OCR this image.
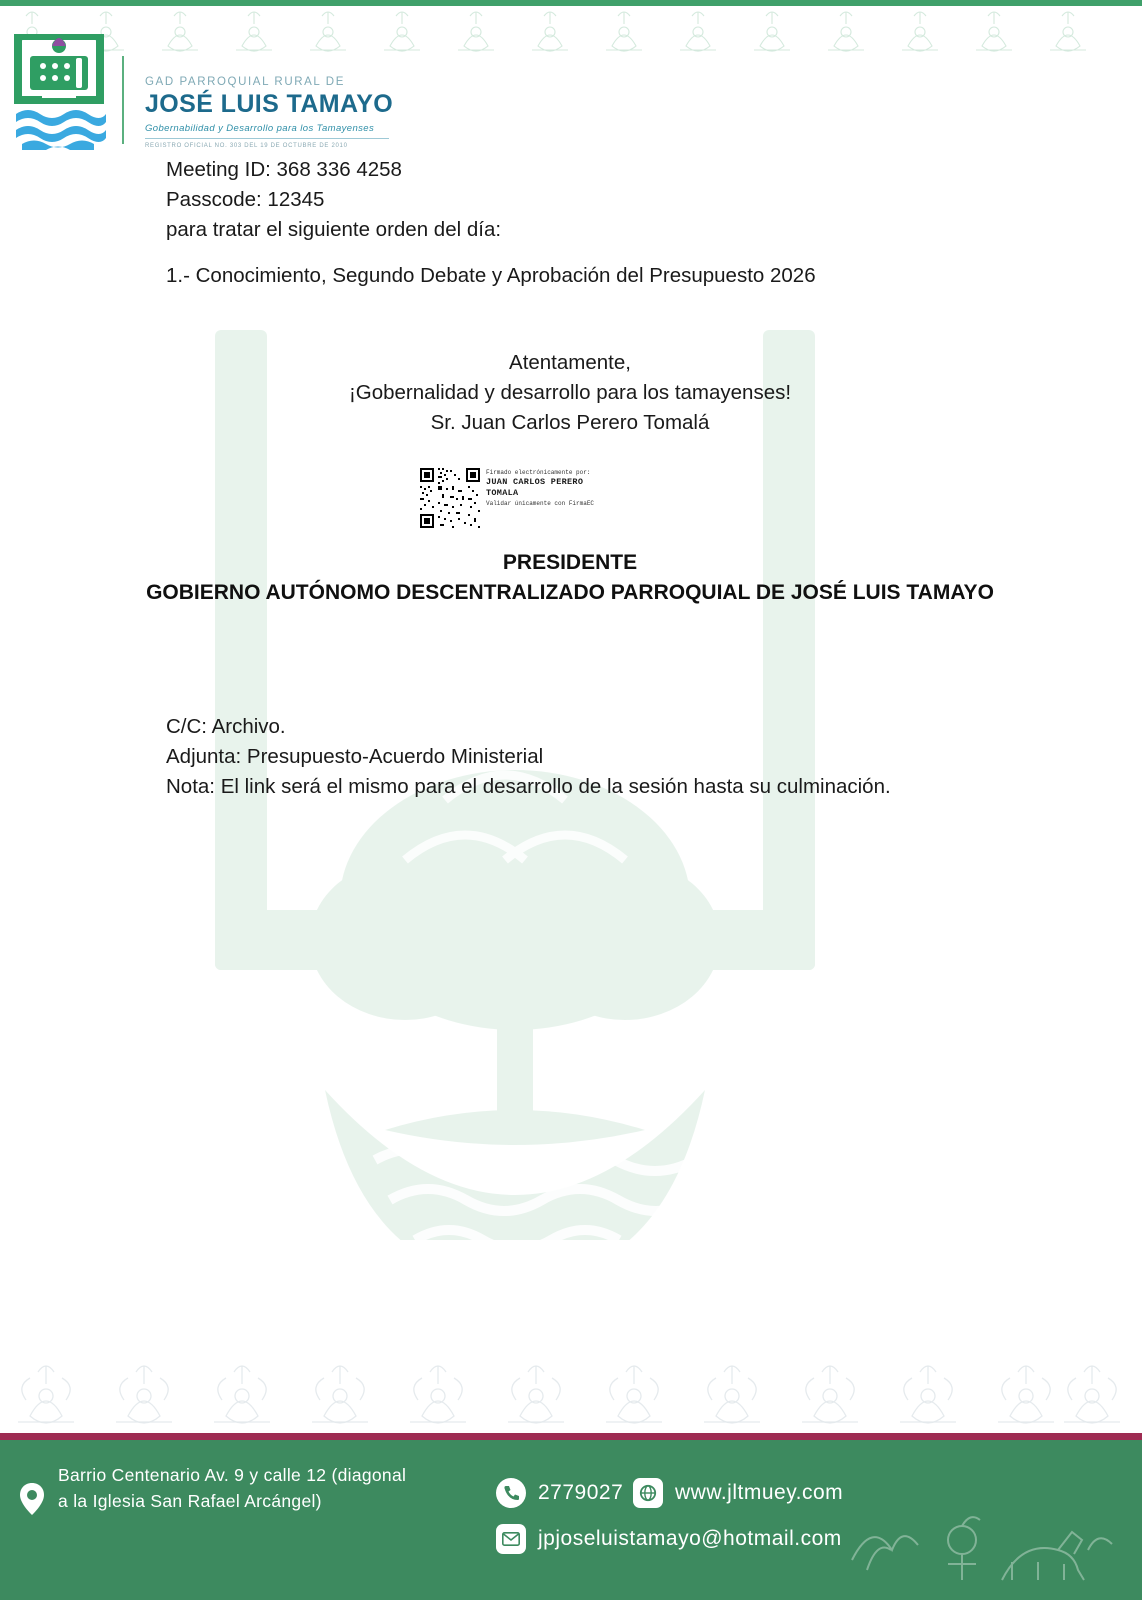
GAD PARROQUIAL RURAL DE
JOSÉ LUIS TAMAYO
Gobernabilidad y Desarrollo para los Tamayenses
REGISTRO OFICIAL NO. 303 DEL 19 DE OCTUBRE DE 2010

Meeting ID: 368 336 4258

Passcode: 12345

para tratar el siguiente orden del día:

1.- Conocimiento, Segundo Debate y Aprobación del Presupuesto 2026

Atentamente,

¡Gobernalidad y desarrollo para los tamayenses!

Sr. Juan Carlos Perero Tomalá

Firmado electrónicamente por:
JUAN CARLOS PERERO TOMALA
Validar únicamente con FirmaEC

PRESIDENTE

GOBIERNO AUTÓNOMO DESCENTRALIZADO PARROQUIAL DE JOSÉ LUIS TAMAYO

C/C: Archivo.

Adjunta: Presupuesto-Acuerdo Ministerial

Nota: El link será el mismo para el desarrollo de la sesión hasta su culminación.

Barrio Centenario Av. 9 y calle 12 (diagonal a la Iglesia San Rafael Arcángel)	2779027 www.jltmuey.com
jpjoseluistamayo@hotmail.com
